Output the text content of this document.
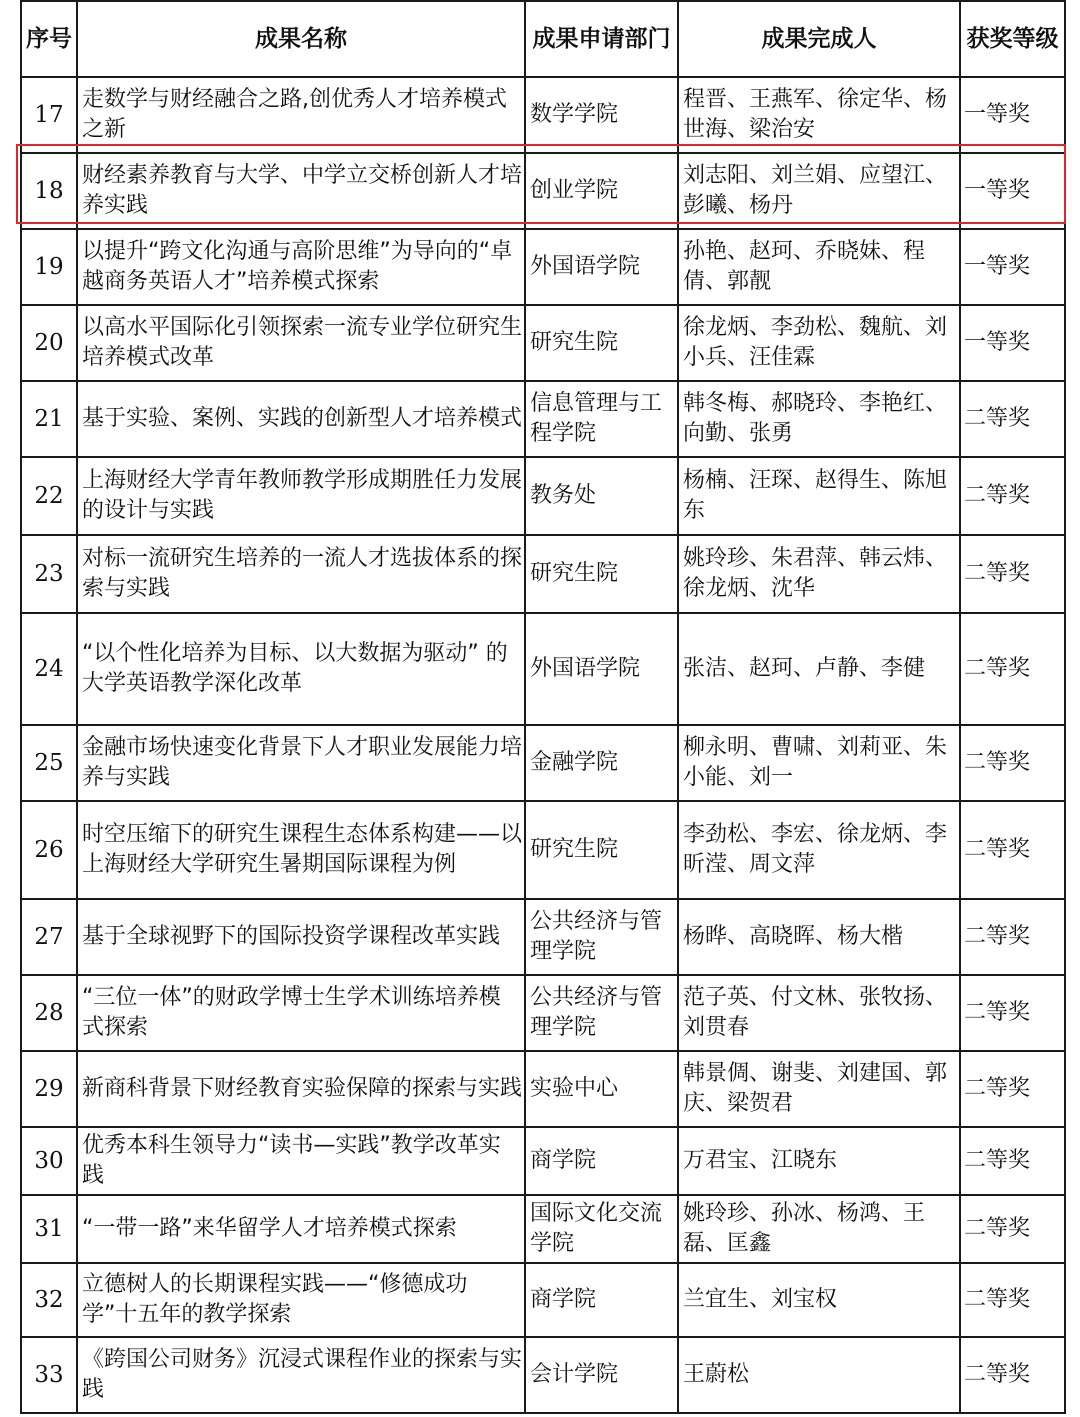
序号	成果名称	成果申请部门	成果完成人	获奖等级
17	走数学与财经融合之路,创优秀人才培养模式之新	数学学院	程晋、王燕军、徐定华、杨世海、梁治安	一等奖
18	财经素养教育与大学、中学立交桥创新人才培养实践	创业学院	刘志阳、刘兰娟、应望江、彭曦、杨丹	一等奖
19	以提升“跨文化沟通与高阶思维”为导向的“卓越商务英语人才”培养模式探索	外国语学院	孙艳、赵珂、乔晓妹、程倩、郭靓	一等奖
20	以高水平国际化引领探索一流专业学位研究生培养模式改革	研究生院	徐龙炳、李劲松、魏航、刘小兵、汪佳霖	一等奖
21	基于实验、案例、实践的创新型人才培养模式	信息管理与工程学院	韩冬梅、郝晓玲、李艳红、 向勤、张勇	二等奖
22	上海财经大学青年教师教学形成期胜任力发展的设计与实践	教务处	杨楠、汪琛、赵得生、陈旭东	二等奖
23	对标一流研究生培养的一流人才选拔体系的探索与实践	研究生院	姚玲珍、朱君萍、韩云炜、徐龙炳、沈华	二等奖
24	“以个性化培养为目标、以大数据为驱动” 的大学英语教学深化改革	外国语学院	张洁、赵珂、卢静、李健	二等奖
25	金融市场快速变化背景下人才职业发展能力培养与实践	金融学院	柳永明、曹啸、刘莉亚、朱小能、刘一	二等奖
26	时空压缩下的研究生课程生态体系构建——以上海财经大学研究生暑期国际课程为例	研究生院	李劲松、李宏、徐龙炳、李昕滢、周文萍	二等奖
27	基于全球视野下的国际投资学课程改革实践	公共经济与管理学院	杨晔、高晓晖、杨大楷	二等奖
28	“三位一体”的财政学博士生学术训练培养模式探索	公共经济与管理学院	范子英、付文林、张牧扬、刘贯春	二等奖
29	新商科背景下财经教育实验保障的探索与实践	实验中心	韩景倜、谢斐、刘建国、郭庆、梁贺君	二等奖
30	优秀本科生领导力“读书—实践”教学改革实践	商学院	万君宝、江晓东	二等奖
31	“一带一路”来华留学人才培养模式探索	国际文化交流学院	姚玲珍、孙冰、杨鸿、王磊、匡鑫	二等奖
32	立德树人的长期课程实践——“修德成功学”十五年的教学探索	商学院	兰宜生、刘宝权	二等奖
33	《跨国公司财务》沉浸式课程作业的探索与实践	会计学院	王蔚松	二等奖
